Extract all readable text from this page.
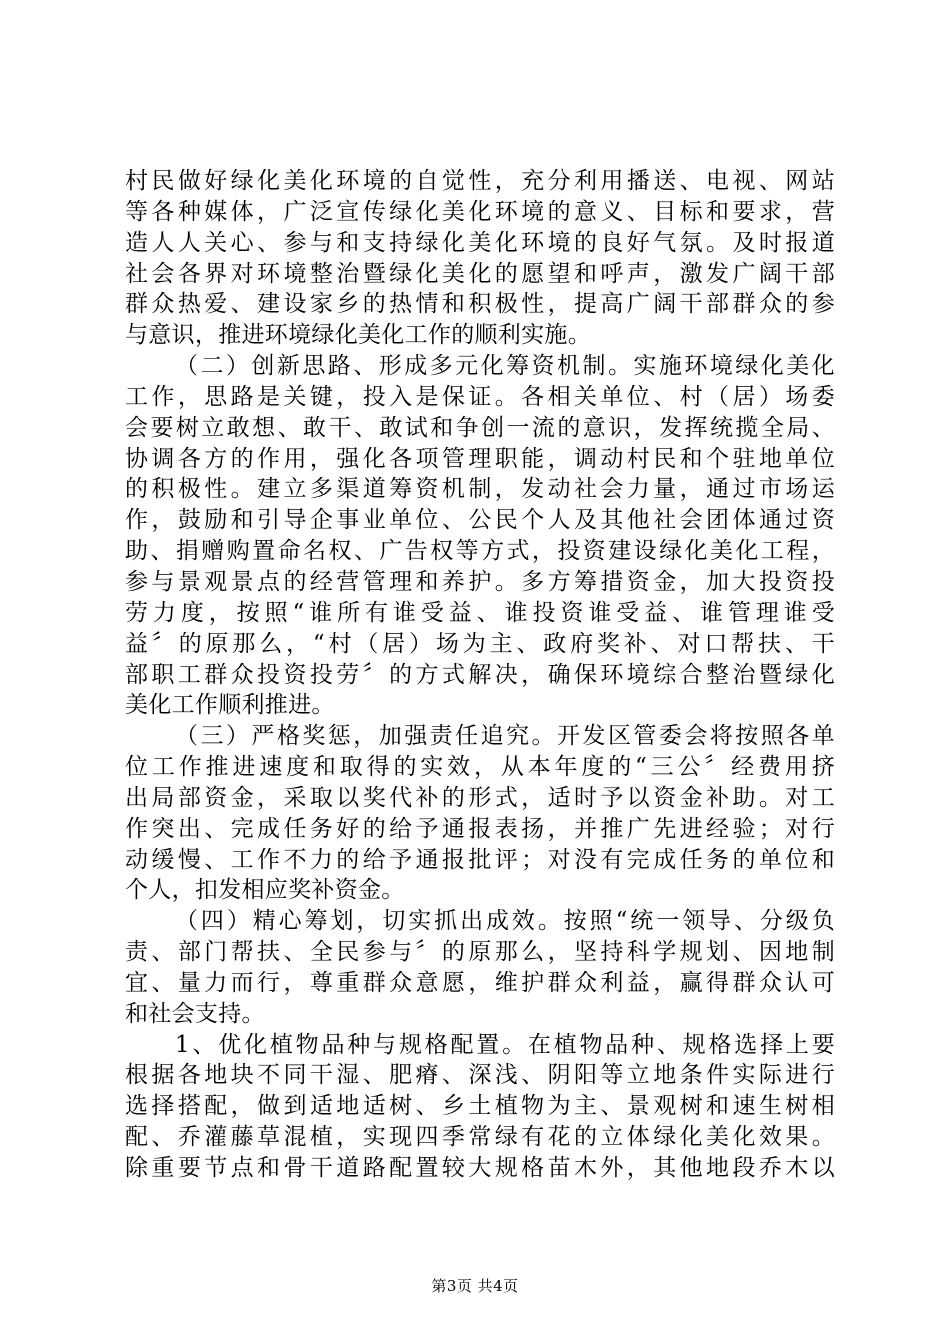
村民做好绿化美化环境的自觉性，充分利用播送、电视、网站
等各种媒体，广泛宣传绿化美化环境的意义、目标和要求，营
造人人关心、参与和支持绿化美化环境的良好气氛。及时报道
社会各界对环境整治暨绿化美化的愿望和呼声，激发广阔干部
群众热爱、建设家乡的热情和积极性，提高广阔干部群众的参
与意识，推进环境绿化美化工作的顺利实施。
（二）创新思路、形成多元化筹资机制。实施环境绿化美化
工作，思路是关键，投入是保证。各相关单位、村（居）场委
会要树立敢想、敢干、敢试和争创一流的意识，发挥统揽全局、
协调各方的作用，强化各项管理职能，调动村民和个驻地单位
的积极性。建立多渠道筹资机制，发动社会力量，通过市场运
作，鼓励和引导企事业单位、公民个人及其他社会团体通过资
助、捐赠购置命名权、广告权等方式，投资建设绿化美化工程，
参与景观景点的经营管理和养护。多方筹措资金，加大投资投
劳力度，按照“谁所有谁受益、谁投资谁受益、谁管理谁受
益〞的原那么，“村（居）场为主、政府奖补、对口帮扶、干
部职工群众投资投劳〞的方式解决，确保环境综合整治暨绿化
美化工作顺利推进。
（三）严格奖惩，加强责任追究。开发区管委会将按照各单
位工作推进速度和取得的实效，从本年度的“三公〞经费用挤
出局部资金，采取以奖代补的形式，适时予以资金补助。对工
作突出、完成任务好的给予通报表扬，并推广先进经验；对行
动缓慢、工作不力的给予通报批评；对没有完成任务的单位和
个人，扣发相应奖补资金。
（四）精心筹划，切实抓出成效。按照“统一领导、分级负
责、部门帮扶、全民参与〞的原那么，坚持科学规划、因地制
宜、量力而行，尊重群众意愿，维护群众利益，赢得群众认可
和社会支持。
1、优化植物品种与规格配置。在植物品种、规格选择上要
根据各地块不同干湿、肥瘠、深浅、阴阳等立地条件实际进行
选择搭配，做到适地适树、乡土植物为主、景观树和速生树相
配、乔灌藤草混植，实现四季常绿有花的立体绿化美化效果。
除重要节点和骨干道路配置较大规格苗木外，其他地段乔木以
第3页 共4页
